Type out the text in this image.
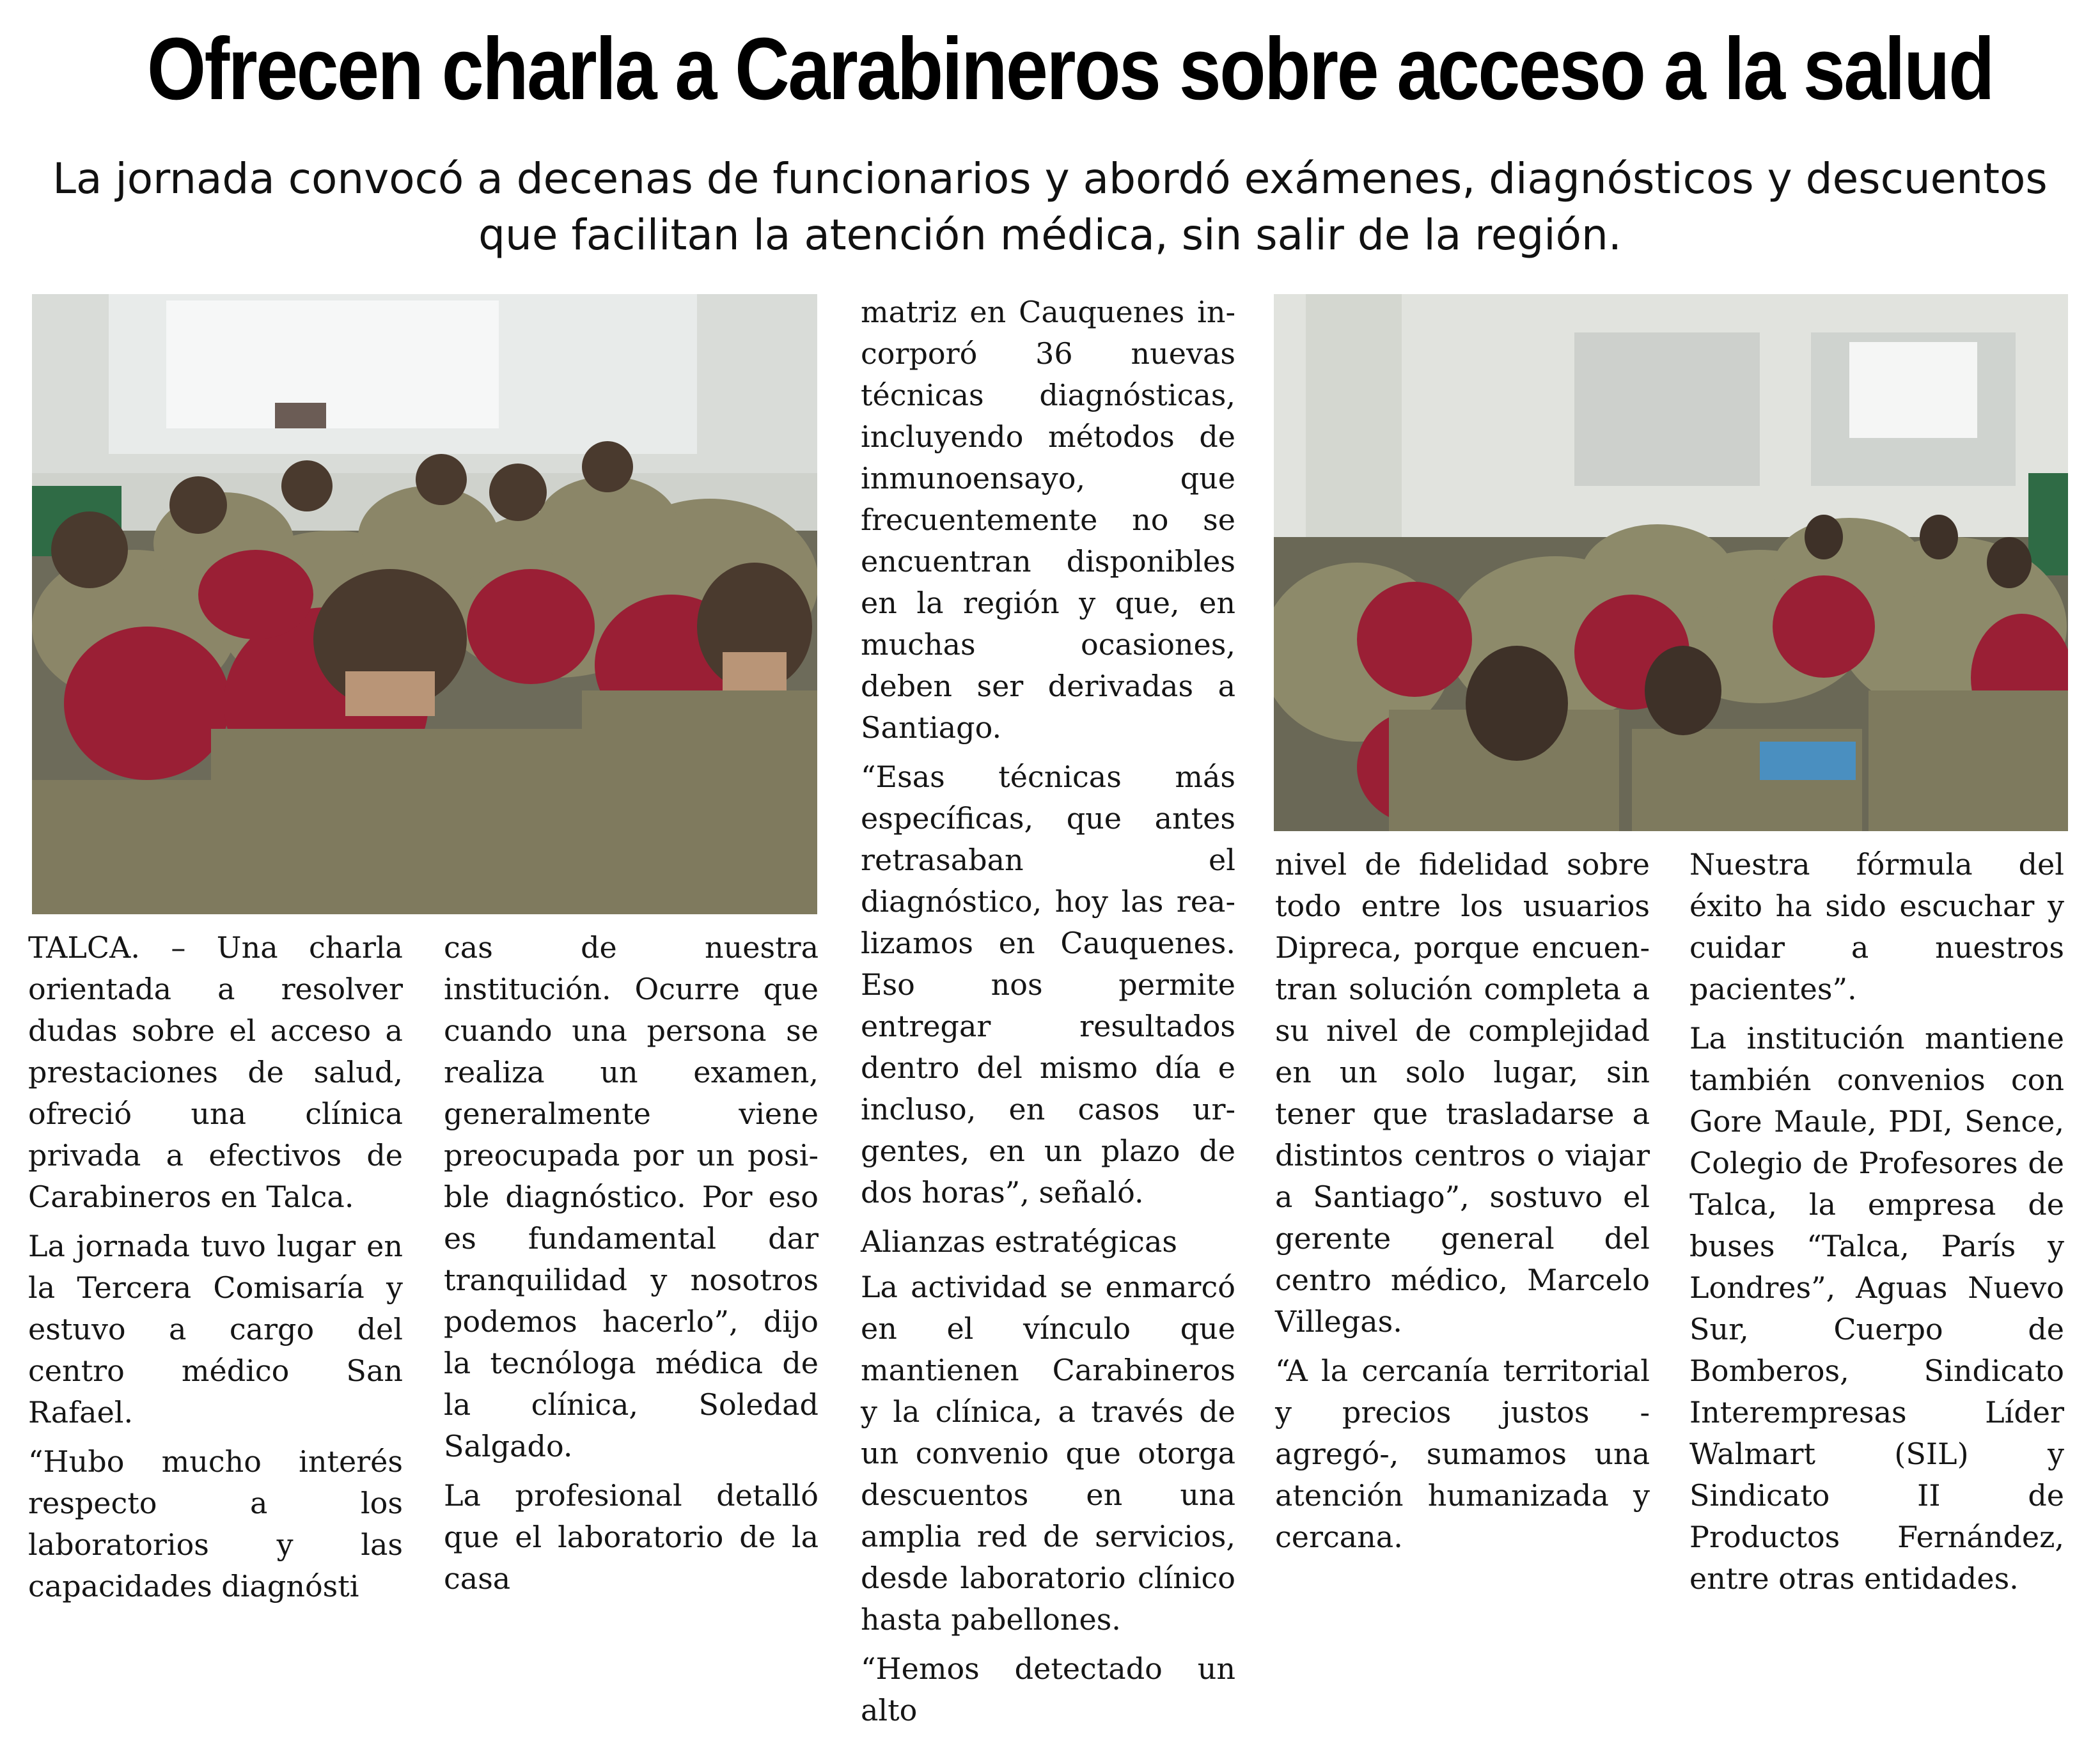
Ofrecen charla a Carabineros sobre acceso a la salud
La jornada convocó a decenas de funcionarios y abordó exámenes, diagnósticos y descuentos que facilitan la atención médica, sin salir de la región.

TALCA. – Una charla orientada a resolver dudas sobre el acceso a prestaciones de salud, ofreció una clínica privada a efectivos de Carabineros en Talca.

La jornada tuvo lugar en la Tercera Comisaría y estuvo a cargo del centro médico San Rafael.

“Hubo mucho interés respecto a los laboratorios y las capacidades diagnósti

cas de nuestra institución. Ocurre que cuando una persona se realiza un examen, generalmente viene preocupada por un posible diagnóstico. Por eso es fundamental dar tranquilidad y nosotros podemos hacerlo”, dijo la tecnóloga médica de la clínica, Soledad Salgado.

La profesional detalló que el laboratorio de la casa

matriz en Cauquenes incorporó 36 nuevas técnicas diagnósticas, incluyendo métodos de inmunoensayo, que frecuentemente no se encuentran disponibles en la región y que, en muchas ocasiones, deben ser derivadas a Santiago.

“Esas técnicas más específicas, que antes retrasaban el diagnóstico, hoy las realizamos en Cauquenes. Eso nos permite entregar resultados dentro del mismo día e incluso, en casos urgentes, en un plazo de dos horas”, señaló.

Alianzas estratégicas

La actividad se enmarcó en el vínculo que mantienen Carabineros y la clínica, a través de un convenio que otorga descuentos en una amplia red de servicios, desde laboratorio clínico hasta pabellones.

“Hemos detectado un alto

nivel de fidelidad sobre todo entre los usuarios Dipreca, porque encuentran solución completa a su nivel de complejidad en un solo lugar, sin tener que trasladarse a distintos centros o viajar a Santiago”, sostuvo el gerente general del centro médico, Marcelo Villegas.

“A la cercanía territorial y precios justos -agregó-, sumamos una atención humanizada y cercana.

Nuestra fórmula del éxito ha sido escuchar y cuidar a nuestros pacientes”.

La institución mantiene también convenios con Gore Maule, PDI, Sence, Colegio de Profesores de Talca, la empresa de buses “Talca, París y Londres”, Aguas Nuevo Sur, Cuerpo de Bomberos, Sindicato Interempresas Líder Walmart (SIL) y Sindicato II de Productos Fernández, entre otras entidades.
